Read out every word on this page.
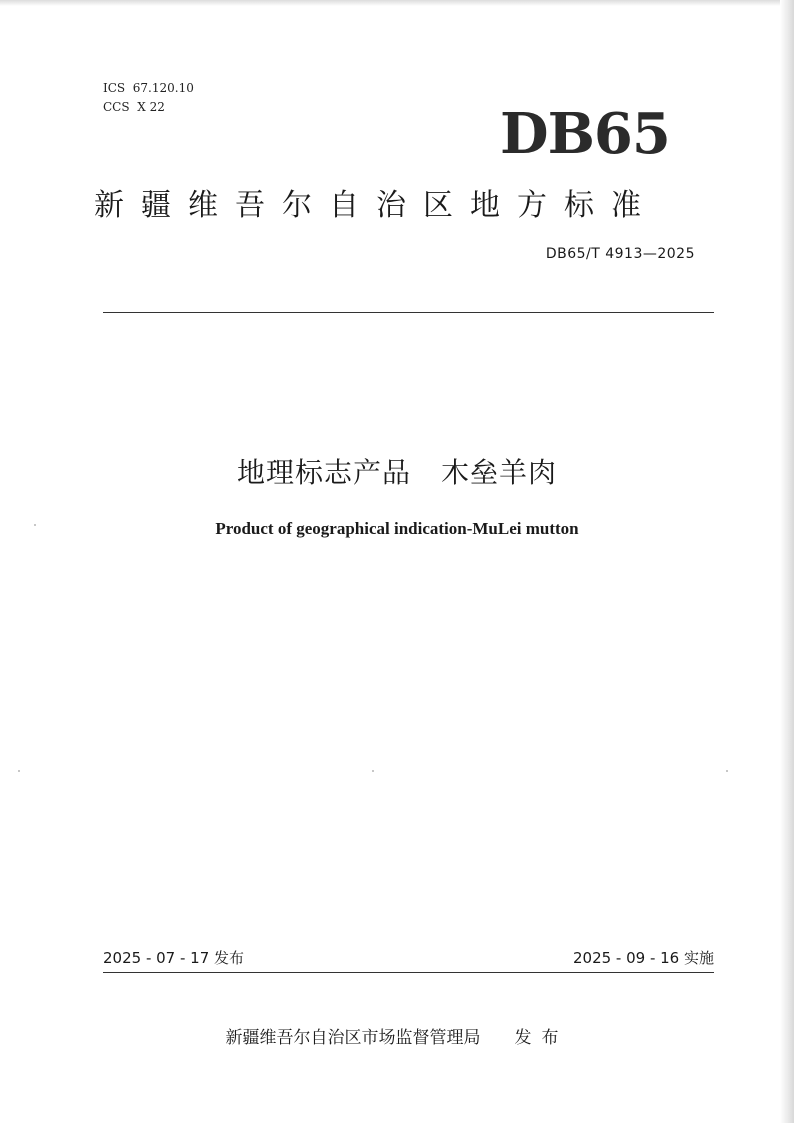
ICS  67.120.10
CCS  X 22	DB65
新疆维吾尔自治区地方标准
DB65/T 4913—2025
地理标志产品 木垒羊肉
Product of geographical indication-MuLei mutton
2025 - 07 - 17 发布	2025 - 09 - 16 实施
新疆维吾尔自治区市场监督管理局 发布
